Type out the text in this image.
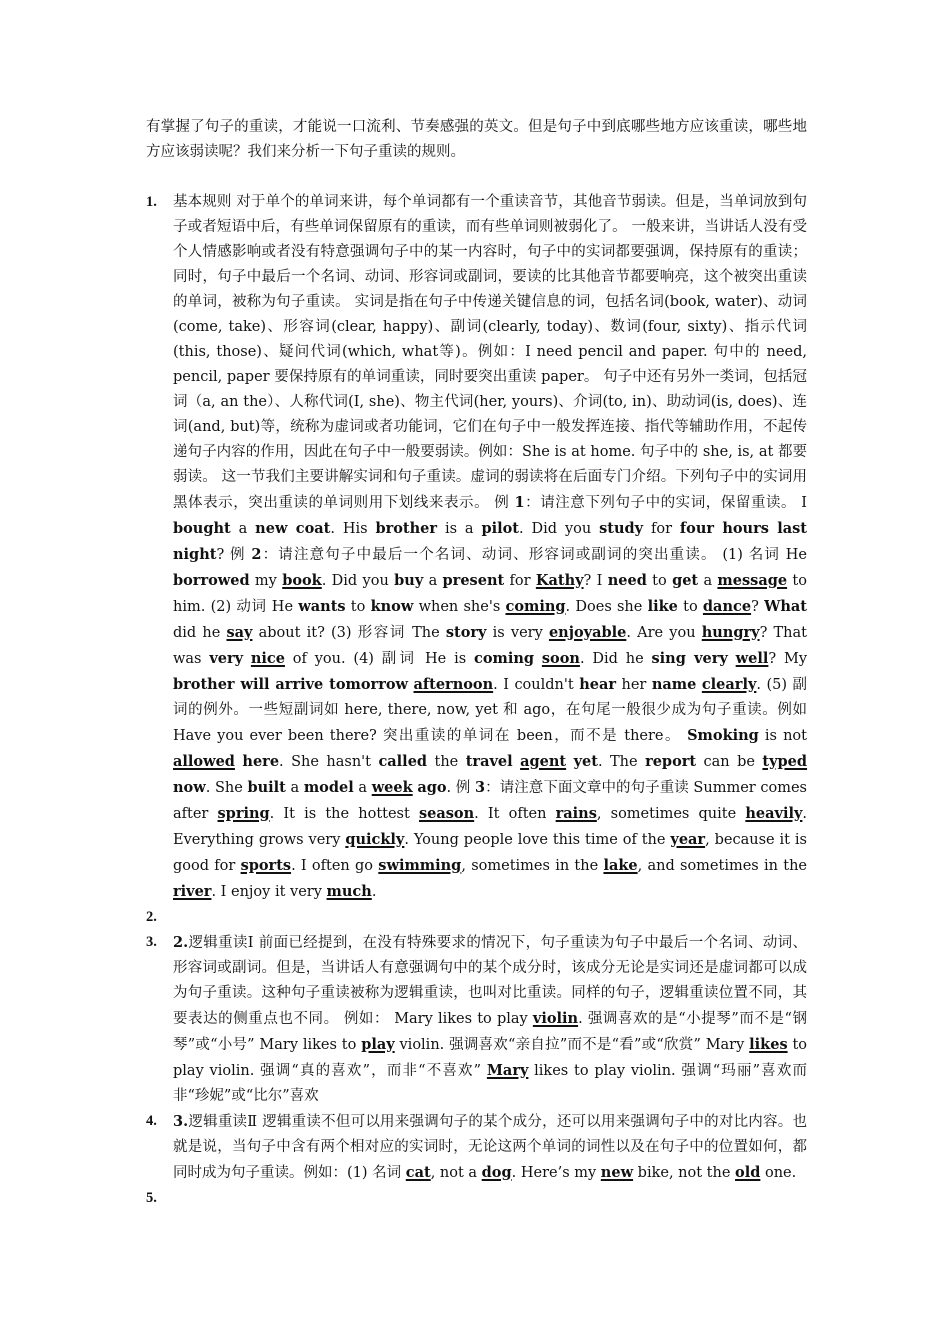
有掌握了句子的重读，才能说一口流利、节奏感强的英文。但是句子中到底哪些地方应该重读，哪些地方应该弱读呢？我们来分析一下句子重读的规则。
1. 基本规则 对于单个的单词来讲，每个单词都有一个重读音节，其他音节弱读。但是，当单词放到句子或者短语中后，有些单词保留原有的重读，而有些单词则被弱化了。 一般来讲，当讲话人没有受个人情感影响或者没有特意强调句子中的某一内容时，句子中的实词都要强调，保持原有的重读；同时，句子中最后一个名词、动词、形容词或副词，要读的比其他音节都要响亮，这个被突出重读的单词，被称为句子重读。 实词是指在句子中传递关键信息的词，包括名词(book, water)、动词(come, take)、形容词(clear, happy)、副词(clearly, today)、数词(four, sixty)、指示代词(this, those)、疑问代词(which, what等)。例如：I need pencil and paper. 句中的 need, pencil, paper 要保持原有的单词重读，同时要突出重读 paper。 句子中还有另外一类词，包括冠词（a, an the）、人称代词(I, she)、物主代词(her, yours)、介词(to, in)、助动词(is, does)、连词(and, but)等，统称为虚词或者功能词，它们在句子中一般发挥连接、指代等辅助作用，不起传递句子内容的作用，因此在句子中一般要弱读。例如：She is at home. 句子中的 she, is, at 都要弱读。 这一节我们主要讲解实词和句子重读。虚词的弱读将在后面专门介绍。下列句子中的实词用黑体表示，突出重读的单词则用下划线来表示。 例 1：请注意下列句子中的实词，保留重读。 I bought a new coat. His brother is a pilot. Did you study for four hours last night? 例 2：请注意句子中最后一个名词、动词、形容词或副词的突出重读。 (1) 名词 He borrowed my book. Did you buy a present for Kathy? I need to get a message to him. (2) 动词 He wants to know when she's coming. Does she like to dance? What did he say about it? (3) 形容词 The story is very enjoyable. Are you hungry? That was very nice of you. (4) 副词 He is coming soon. Did he sing very well? My brother will arrive tomorrow afternoon. I couldn't hear her name clearly. (5) 副词的例外。一些短副词如 here, there, now, yet 和 ago，在句尾一般很少成为句子重读。例如 Have you ever been there? 突出重读的单词在 been，而不是 there。 Smoking is not allowed here. She hasn't called the travel agent yet. The report can be typed now. She built a model a week ago. 例 3：请注意下面文章中的句子重读 Summer comes after spring. It is the hottest season. It often rains, sometimes quite heavily. Everything grows very quickly. Young people love this time of the year, because it is good for sports. I often go swimming, sometimes in the lake, and sometimes in the river. I enjoy it very much.
2.
3. 2.逻辑重读Ⅰ 前面已经提到，在没有特殊要求的情况下，句子重读为句子中最后一个名词、动词、形容词或副词。但是，当讲话人有意强调句中的某个成分时，该成分无论是实词还是虚词都可以成为句子重读。这种句子重读被称为逻辑重读，也叫对比重读。同样的句子，逻辑重读位置不同，其要表达的侧重点也不同。 例如： Mary likes to play violin. 强调喜欢的是“小提琴”而不是“钢琴”或“小号” Mary likes to play violin. 强调喜欢“亲自拉”而不是“看”或“欣赏” Mary likes to play violin. 强调“真的喜欢”，而非“不喜欢” Mary likes to play violin. 强调“玛丽”喜欢而非“珍妮”或“比尔”喜欢
4. 3.逻辑重读Ⅱ 逻辑重读不但可以用来强调句子的某个成分，还可以用来强调句子中的对比内容。也就是说，当句子中含有两个相对应的实词时，无论这两个单词的词性以及在句子中的位置如何，都同时成为句子重读。例如：(1) 名词 cat, not a dog. Here’s my new bike, not the old one.
5.
